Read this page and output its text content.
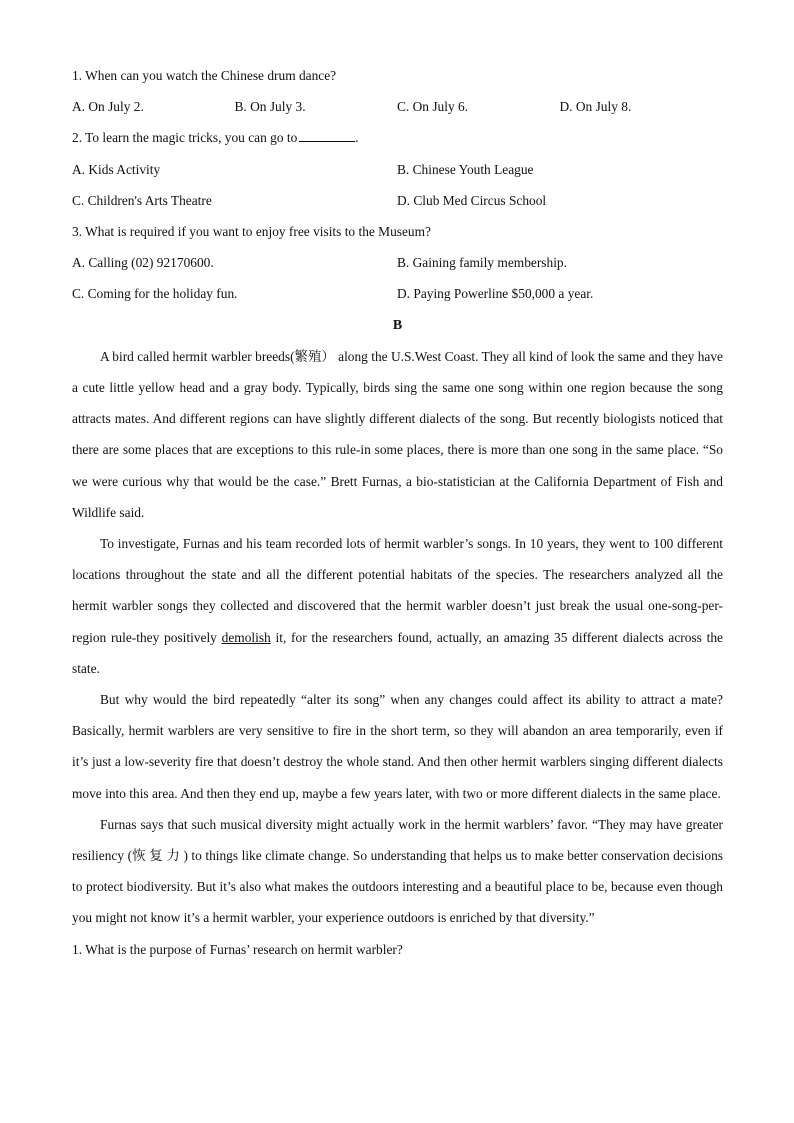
1. When can you watch the Chinese drum dance?
A. On July 2.	B. On July 3.	C. On July 6.	D. On July 8.
2. To learn the magic tricks, you can go to	.
A. Kids Activity	B. Chinese Youth League
C. Children's Arts Theatre	D. Club Med Circus School
3. What is required if you want to enjoy free visits to the Museum?
A. Calling (02) 92170600.	B. Gaining family membership.
C. Coming for the holiday fun.	D. Paying Powerline $50,000 a year.
B

A bird called hermit warbler breeds(繁殖） along the U.S.West Coast. They all kind of look the same and they have a cute little yellow head and a gray body. Typically, birds sing the same one song within one region because the song attracts mates. And different regions can have slightly different dialects of the song. But recently biologists noticed that there are some places that are exceptions to this rule-in some places, there is more than one song in the same place. “So we were curious why that would be the case.” Brett Furnas, a bio-statistician at the California Department of Fish and Wildlife said.

To investigate, Furnas and his team recorded lots of hermit warbler’s songs. In 10 years, they went to 100 different locations throughout the state and all the different potential habitats of the species. The researchers analyzed all the hermit warbler songs they collected and discovered that the hermit warbler doesn’t just break the usual one-song-per-region rule-they positively demolish it, for the researchers found, actually, an amazing 35 different dialects across the state.

But why would the bird repeatedly “alter its song” when any changes could affect its ability to attract a mate? Basically, hermit warblers are very sensitive to fire in the short term, so they will abandon an area temporarily, even if it’s just a low-severity fire that doesn’t destroy the whole stand. And then other hermit warblers singing different dialects move into this area. And then they end up, maybe a few years later, with two or more different dialects in the same place.

Furnas says that such musical diversity might actually work in the hermit warblers’ favor. “They may have greater resiliency (恢 复 力 ) to things like climate change. So understanding that helps us to make better conservation decisions to protect biodiversity. But it’s also what makes the outdoors interesting and a beautiful place to be, because even though you might not know it’s a hermit warbler, your experience outdoors is enriched by that diversity.”

1. What is the purpose of Furnas’ research on hermit warbler?
